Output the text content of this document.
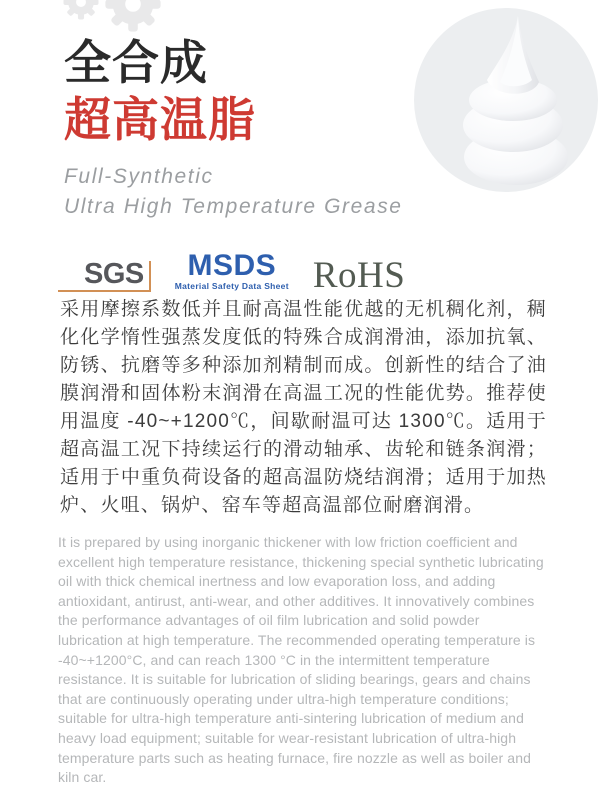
全合成
超高温脂
Full-Synthetic
Ultra High Temperature Grease
SGS MSDS
Material Safety Data Sheet RoHS

采用摩擦系数低并且耐高温性能优越的无机稠化剂，稠化化学惰性强蒸发度低的特殊合成润滑油，添加抗氧、防锈、抗磨等多种添加剂精制而成。创新性的结合了油膜润滑和固体粉末润滑在高温工况的性能优势。推荐使用温度 -40~+1200℃，间歇耐温可达 1300℃。适用于超高温工况下持续运行的滑动轴承、齿轮和链条润滑；适用于中重负荷设备的超高温防烧结润滑；适用于加热炉、火咀、锅炉、窑车等超高温部位耐磨润滑。

It is prepared by using inorganic thickener with low friction coefficient and excellent high temperature resistance, thickening special synthetic lubricating oil with thick chemical inertness and low evaporation loss, and adding antioxidant, antirust, anti-wear, and other additives. It innovatively combines the performance advantages of oil film lubrication and solid powder lubrication at high temperature. The recommended operating temperature is -40~+1200°C, and can reach 1300 °C in the intermittent temperature resistance. It is suitable for lubrication of sliding bearings, gears and chains that are continuously operating under ultra-high temperature conditions; suitable for ultra-high temperature anti-sintering lubrication of medium and heavy load equipment; suitable for wear-resistant lubrication of ultra-high temperature parts such as heating furnace, fire nozzle as well as boiler and kiln car.
